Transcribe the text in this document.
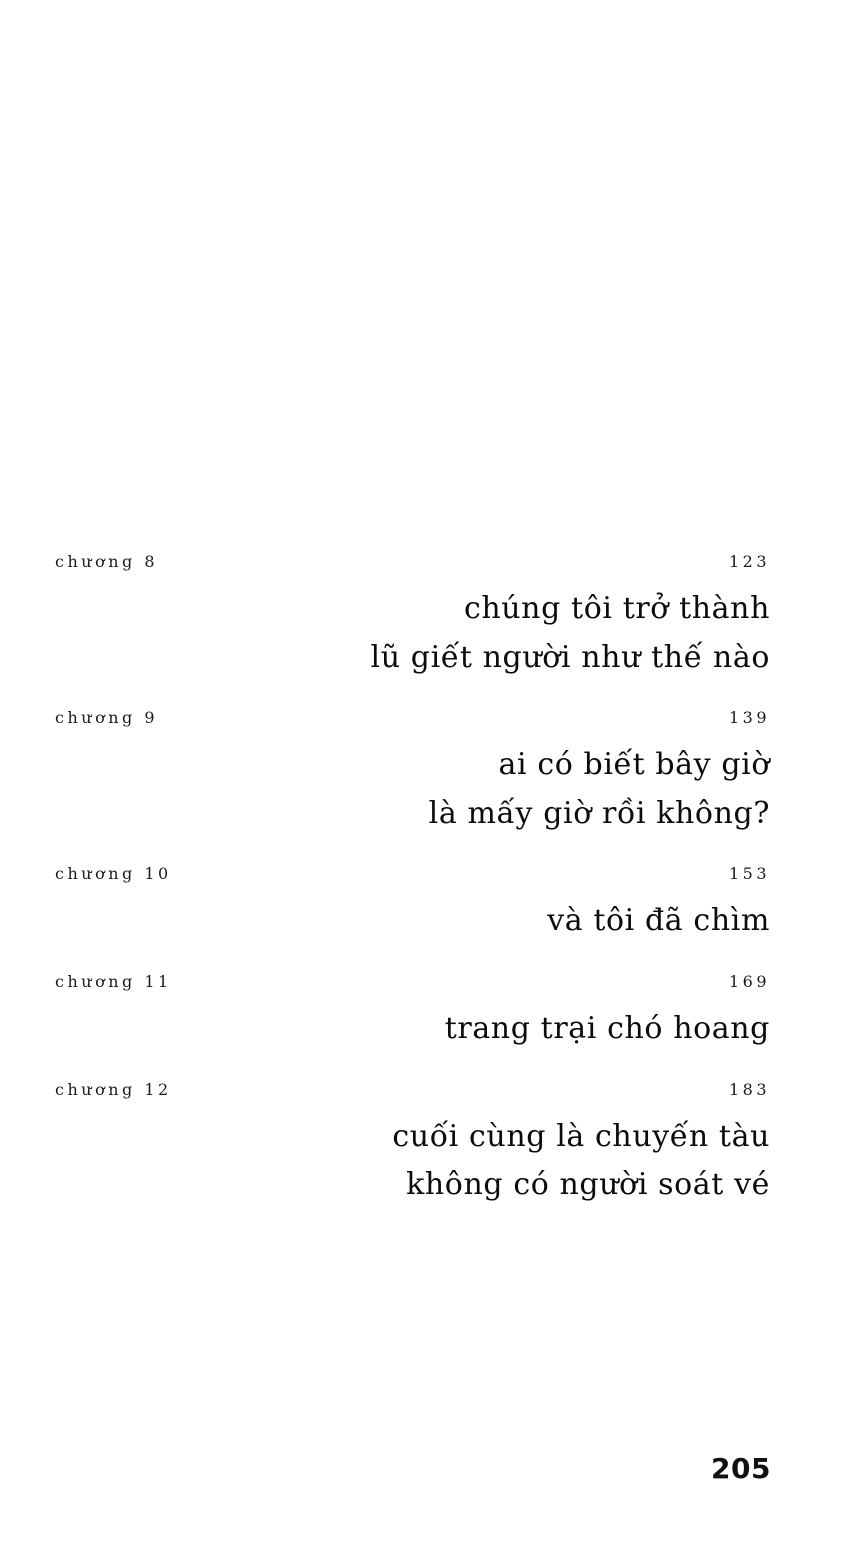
chương 8	123
chúng tôi trở thành
lũ giết người như thế nào
chương 9	139
ai có biết bây giờ
là mấy giờ rồi không?
chương 10	153
và tôi đã chìm
chương 11	169
trang trại chó hoang
chương 12	183
cuối cùng là chuyến tàu
không có người soát vé
205
